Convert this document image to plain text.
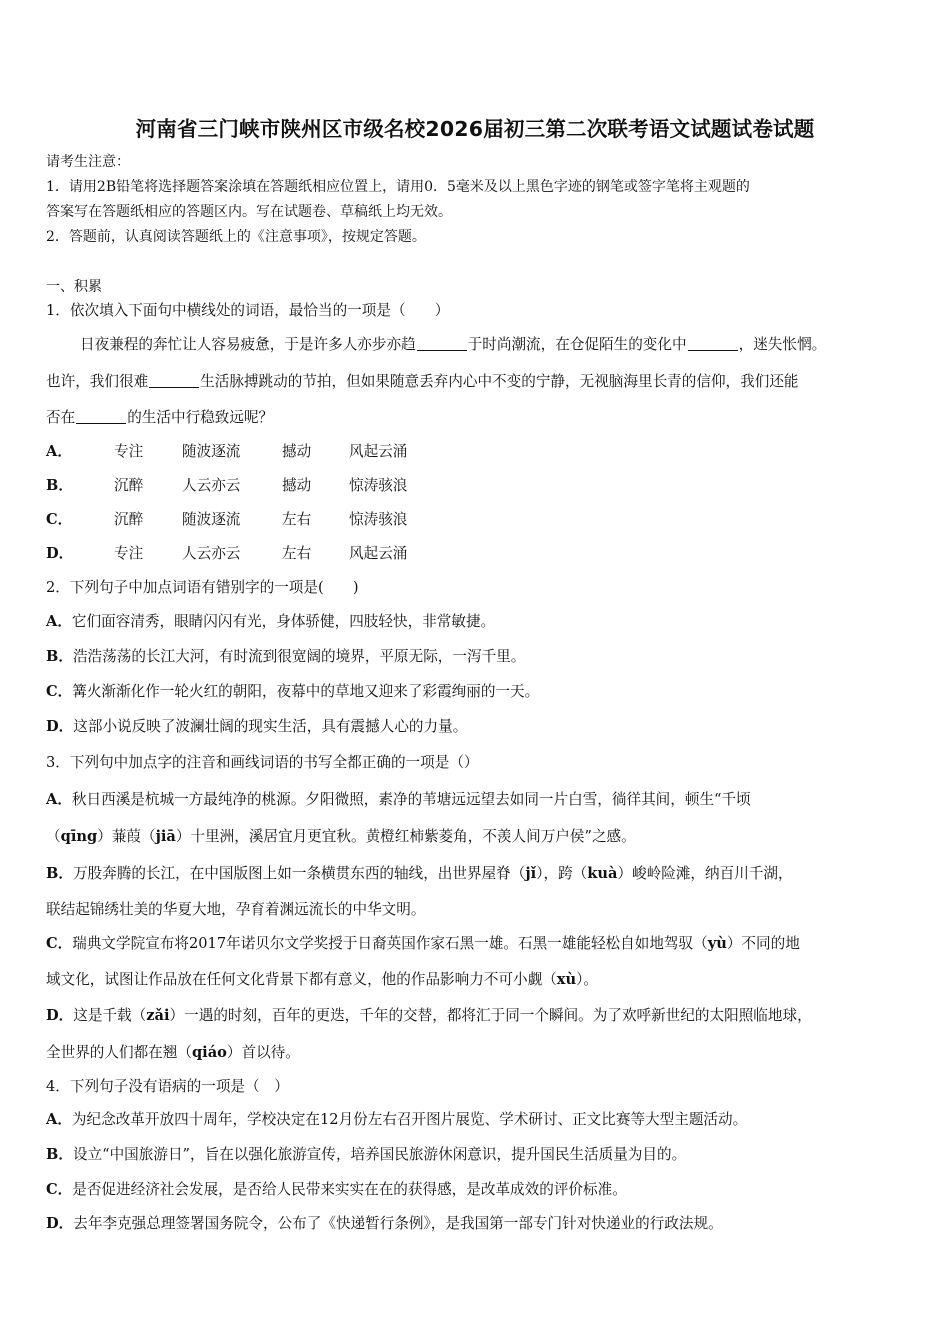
河南省三门峡市陕州区市级名校2026届初三第二次联考语文试题试卷试题
请考生注意：
1．请用2B铅笔将选择题答案涂填在答题纸相应位置上，请用0．5毫米及以上黑色字迹的钢笔或签字笔将主观题的
答案写在答题纸相应的答题区内。写在试题卷、草稿纸上均无效。
2．答题前，认真阅读答题纸上的《注意事项》，按规定答题。
一、积累
1．依次填入下面句中横线处的词语，最恰当的一项是（　　）
日夜兼程的奔忙让人容易疲惫，于是许多人亦步亦趋	于时尚潮流，在仓促陌生的变化中	，迷失怅惘。
也许，我们很难	生活脉搏跳动的节拍，但如果随意丢弃内心中不变的宁静，无视脑海里长青的信仰，我们还能
否在	的生活中行稳致远呢？
A．	专注	随波逐流	撼动	风起云涌
B．	沉醉	人云亦云	撼动	惊涛骇浪
C．	沉醉	随波逐流	左右	惊涛骇浪
D．	专注	人云亦云	左右	风起云涌
2．下列句子中加点词语有错别字的一项是(　　)
A．它们面容清秀，眼睛闪闪有光，身体骄健，四肢轻快，非常敏捷。
B．浩浩荡荡的长江大河，有时流到很宽阔的境界，平原无际，一泻千里。
C．篝火渐渐化作一轮火红的朝阳，夜幕中的草地又迎来了彩霞绚丽的一天。
D．这部小说反映了波澜壮阔的现实生活，具有震撼人心的力量。
3．下列句中加点字的注音和画线词语的书写全都正确的一项是（）
A．秋日西溪是杭城一方最纯净的桃源。夕阳微照，素净的苇塘远远望去如同一片白雪，徜徉其间，顿生“千顷
（qīng）蒹葭（jiā）十里洲，溪居宜月更宜秋。黄橙红柿紫菱角，不羡人间万户侯”之感。
B．万股奔腾的长江，在中国版图上如一条横贯东西的轴线，出世界屋脊（jǐ），跨（kuà）峻岭险滩，纳百川千湖，
联结起锦绣壮美的华夏大地，孕育着渊远流长的中华文明。
C．瑞典文学院宣布将2017年诺贝尔文学奖授于日裔英国作家石黑一雄。石黑一雄能轻松自如地驾驭（yù）不同的地
域文化，试图让作品放在任何文化背景下都有意义，他的作品影响力不可小觑（xù）。
D．这是千载（zǎi）一遇的时刻，百年的更迭，千年的交替，都将汇于同一个瞬间。为了欢呼新世纪的太阳照临地球，
全世界的人们都在翘（qiáo）首以待。
4．下列句子没有语病的一项是（　）
A．为纪念改革开放四十周年，学校决定在12月份左右召开图片展览、学术研讨、正文比赛等大型主题活动。
B．设立“中国旅游日”，旨在以强化旅游宣传，培养国民旅游休闲意识，提升国民生活质量为目的。
C．是否促进经济社会发展，是否给人民带来实实在在的获得感，是改革成效的评价标准。
D．去年李克强总理签署国务院令，公布了《快递暂行条例》，是我国第一部专门针对快递业的行政法规。
